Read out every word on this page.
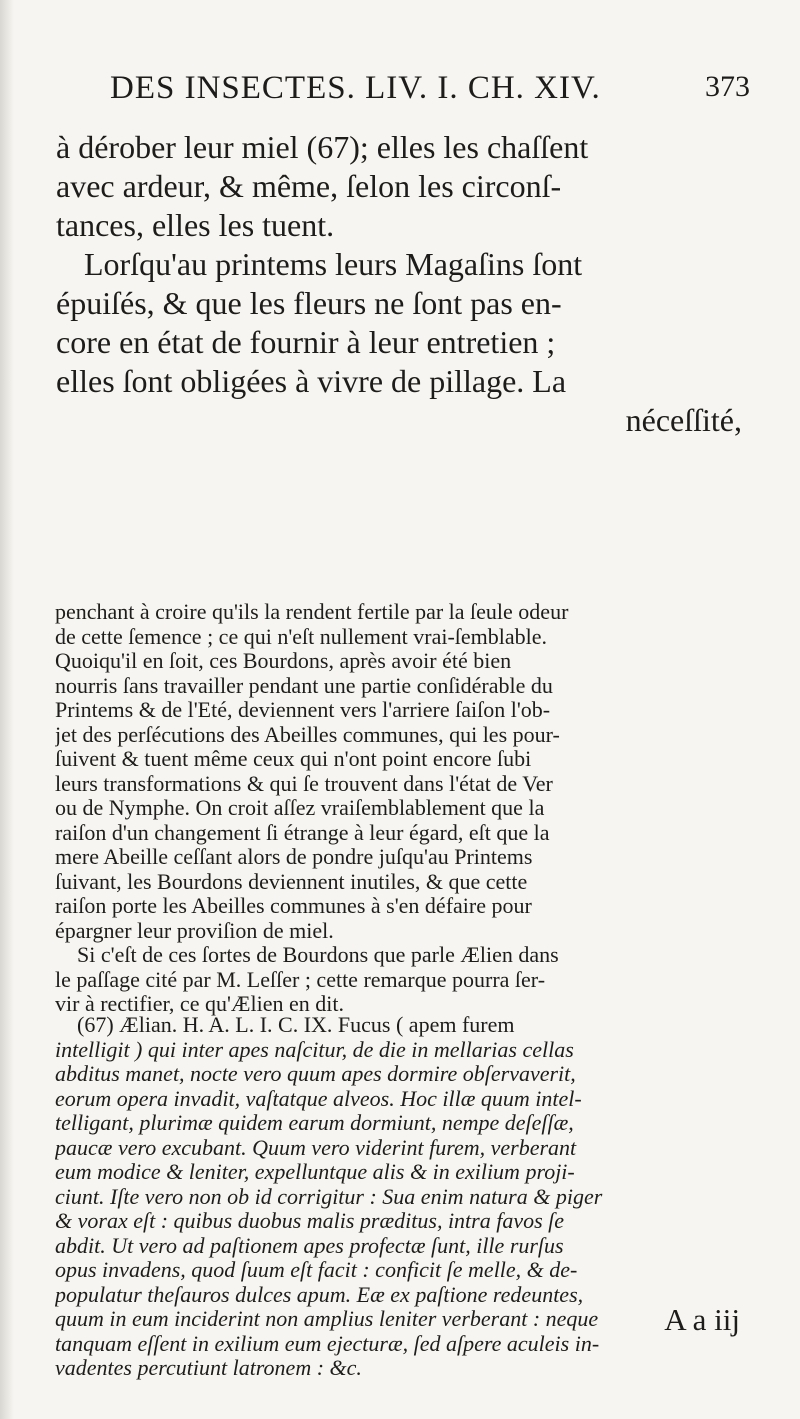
DES INSECTES. LIV. I. CH. XIV.	373
à dérober leur miel (67); elles les chaſſent
avec ardeur, & même, ſelon les circonſ-
tances, elles les tuent.
Lorſqu'au printems leurs Magaſins ſont
épuiſés, & que les fleurs ne ſont pas en-
core en état de fournir à leur entretien ;
elles ſont obligées à vivre de pillage. La
néceſſité,
penchant à croire qu'ils la rendent fertile par la ſeule odeur
de cette ſemence ; ce qui n'eſt nullement vrai-ſemblable.
Quoiqu'il en ſoit, ces Bourdons, après avoir été bien
nourris ſans travailler pendant une partie conſidérable du
Printems & de l'Eté, deviennent vers l'arriere ſaiſon l'ob-
jet des perſécutions des Abeilles communes, qui les pour-
ſuivent & tuent même ceux qui n'ont point encore ſubi
leurs transformations & qui ſe trouvent dans l'état de Ver
ou de Nymphe. On croit aſſez vraiſemblablement que la
raiſon d'un changement ſi étrange à leur égard, eſt que la
mere Abeille ceſſant alors de pondre juſqu'au Printems
ſuivant, les Bourdons deviennent inutiles, & que cette
raiſon porte les Abeilles communes à s'en défaire pour
épargner leur proviſion de miel.
Si c'eſt de ces ſortes de Bourdons que parle Ælien dans
le paſſage cité par M. Leſſer ; cette remarque pourra ſer-
vir à rectifier, ce qu'Ælien en dit.
(67) Ælian. H. A. L. I. C. IX. Fucus ( apem furem
intelligit ) qui inter apes naſcitur, de die in mellarias cellas
abditus manet, nocte vero quum apes dormire obſervaverit,
eorum opera invadit, vaſtatque alveos. Hoc illæ quum intel-
telligant, plurimæ quidem earum dormiunt, nempe deſeſſæ,
paucæ vero excubant. Quum vero viderint furem, verberant
eum modice & leniter, expelluntque alis & in exilium proji-
ciunt. Iſte vero non ob id corrigitur : Sua enim natura & piger
& vorax eſt : quibus duobus malis præditus, intra favos ſe
abdit. Ut vero ad paſtionem apes profectæ ſunt, ille rurſus
opus invadens, quod ſuum eſt facit : conficit ſe melle, & de-
populatur theſauros dulces apum. Eæ ex paſtione redeuntes,
quum in eum inciderint non amplius leniter verberant : neque
tanquam eſſent in exilium eum ejecturæ, ſed aſpere aculeis in-
vadentes percutiunt latronem : &c.
A a iij
